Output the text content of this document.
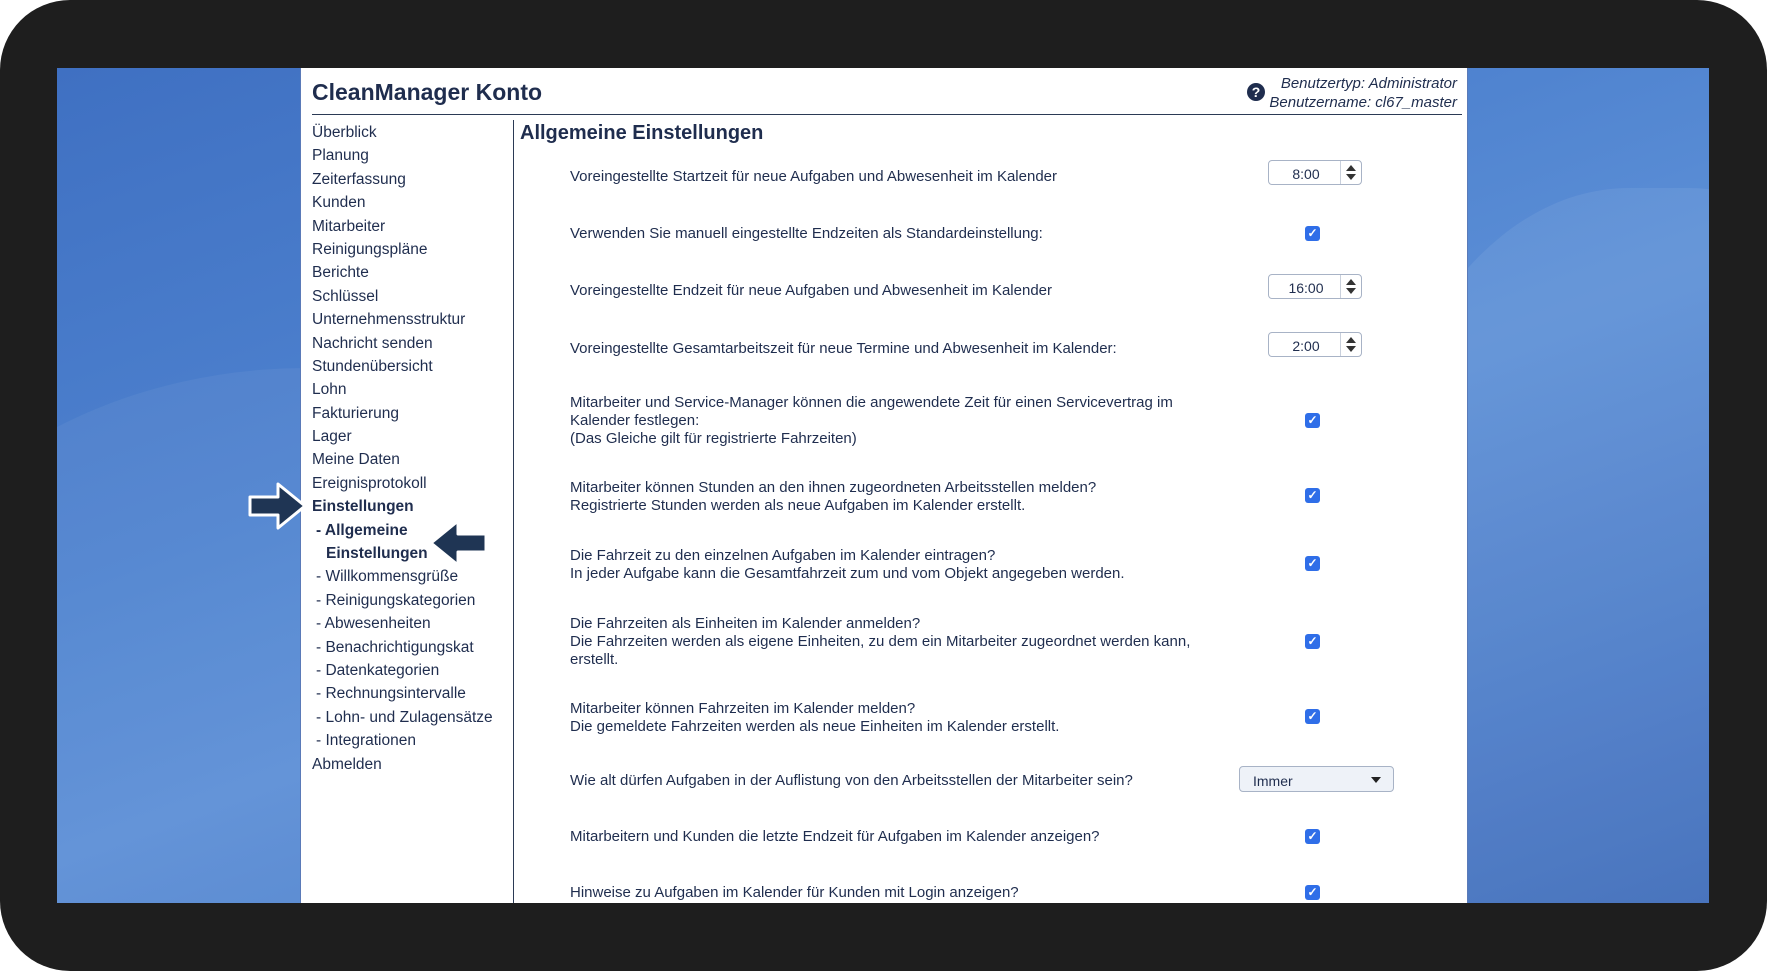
CleanManager Konto	?	Benutzertyp: Administrator
Benutzername: cl67_master
Überblick
Planung
Zeiterfassung
Kunden
Mitarbeiter
Reinigungspläne
Berichte
Schlüssel
Unternehmensstruktur
Nachricht senden
Stundenübersicht
Lohn
Fakturierung
Lager
Meine Daten
Ereignisprotokoll
Einstellungen
- Allgemeine
Einstellungen
- Willkommensgrüße
- Reinigungskategorien
- Abwesenheiten
- Benachrichtigungskat
- Datenkategorien
- Rechnungsintervalle
- Lohn- und Zulagensätze
- Integrationen
Abmelden
Allgemeine Einstellungen
Voreingestellte Startzeit für neue Aufgaben und Abwesenheit im Kalender	8:00
Verwenden Sie manuell eingestellte Endzeiten als Standardeinstellung:	✓
Voreingestellte Endzeit für neue Aufgaben und Abwesenheit im Kalender	16:00
Voreingestellte Gesamtarbeitszeit für neue Termine und Abwesenheit im Kalender:	2:00
Mitarbeiter und Service-Manager können die angewendete Zeit für einen Servicevertrag im
Kalender festlegen:
(Das Gleiche gilt für registrierte Fahrzeiten)
✓
Mitarbeiter können Stunden an den ihnen zugeordneten Arbeitsstellen melden?
Registrierte Stunden werden als neue Aufgaben im Kalender erstellt.
✓
Die Fahrzeit zu den einzelnen Aufgaben im Kalender eintragen?
In jeder Aufgabe kann die Gesamtfahrzeit zum und vom Objekt angegeben werden.
✓
Die Fahrzeiten als Einheiten im Kalender anmelden?
Die Fahrzeiten werden als eigene Einheiten, zu dem ein Mitarbeiter zugeordnet werden kann,
erstellt.
✓
Mitarbeiter können Fahrzeiten im Kalender melden?
Die gemeldete Fahrzeiten werden als neue Einheiten im Kalender erstellt.
✓
Wie alt dürfen Aufgaben in der Auflistung von den Arbeitsstellen der Mitarbeiter sein?	Immer
Mitarbeitern und Kunden die letzte Endzeit für Aufgaben im Kalender anzeigen?	✓
Hinweise zu Aufgaben im Kalender für Kunden mit Login anzeigen?	✓
